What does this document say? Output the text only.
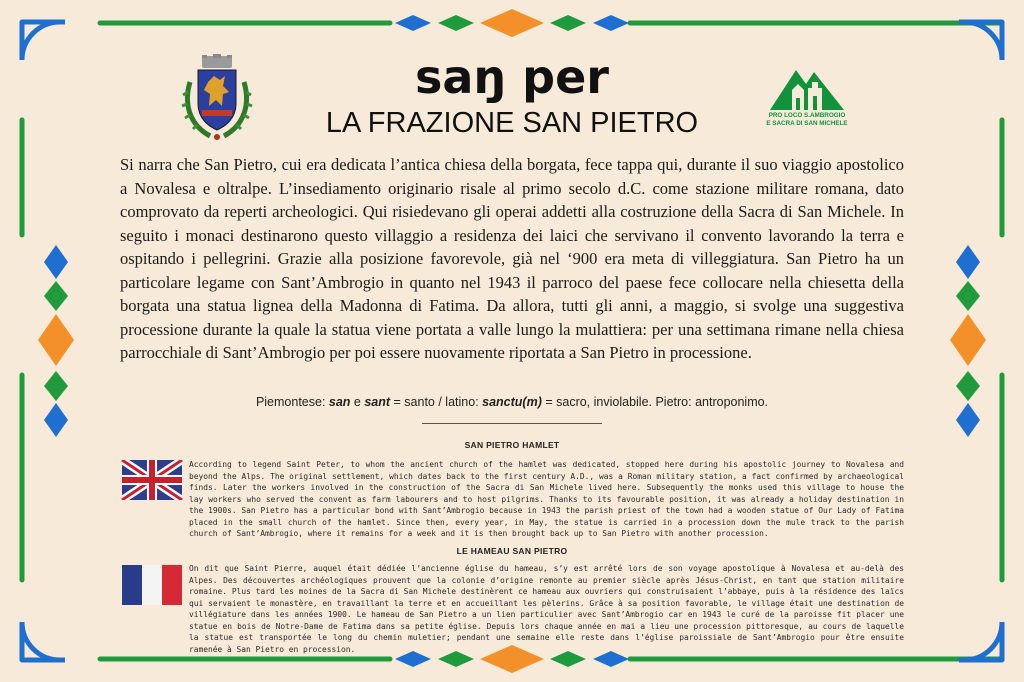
PRO LOCO S.AMBROGIO
E SACRA DI SAN MICHELE
saŋ per
LA FRAZIONE SAN PIETRO

Si narra che San Pietro, cui era dedicata l’antica chiesa della borgata, fece tappa qui, durante il suo viaggio apostolico a Novalesa e oltralpe. L’insediamento originario risale al primo secolo d.C. come stazione militare romana, dato comprovato da reperti archeologici. Qui risiedevano gli operai addetti alla costruzione della Sacra di San Michele. In seguito i monaci destinarono questo villaggio a residenza dei laici che servivano il convento lavorando la terra e ospitando i pellegrini. Grazie alla posizione favorevole, già nel ‘900 era meta di villeggiatura. San Pietro ha un particolare legame con Sant’Ambrogio in quanto nel 1943 il parroco del paese fece collocare nella chiesetta della borgata una statua lignea della Madonna di Fatima. Da allora, tutti gli anni, a maggio, si svolge una suggestiva processione durante la quale la statua viene portata a valle lungo la mulattiera: per una settimana rimane nella chiesa parrocchiale di Sant’Ambrogio per poi essere nuovamente riportata a San Pietro in processione.

Piemontese: san e sant = santo / latino: sanctu(m) = sacro, inviolabile. Pietro: antroponimo.
SAN PIETRO HAMLET

According to legend Saint Peter, to whom the ancient church of the hamlet was dedicated, stopped here during his apostolic journey to Novalesa and beyond the Alps. The original settlement, which dates back to the first century A.D., was a Roman military station, a fact confirmed by archaeological finds. Later the workers involved in the construction of the Sacra di San Michele lived here. Subsequently the monks used this village to house the lay workers who served the convent as farm labourers and to host pilgrims. Thanks to its favourable position, it was already a holiday destination in the 1900s. San Pietro has a particular bond with Sant’Ambrogio because in 1943 the parish priest of the town had a wooden statue of Our Lady of Fatima placed in the small church of the hamlet. Since then, every year, in May, the statue is carried in a procession down the mule track to the parish church of Sant’Ambrogio, where it remains for a week and it is then brought back up to San Pietro with another procession.

LE HAMEAU SAN PIETRO

On dit que Saint Pierre, auquel était dédiée l’ancienne église du hameau, s’y est arrêté lors de son voyage apostolique à Novalesa et au-delà des Alpes. Des découvertes archéologiques prouvent que la colonie d’origine remonte au premier siècle après Jésus-Christ, en tant que station militaire romaine. Plus tard les moines de la Sacra di San Michele destinèrent ce hameau aux ouvriers qui construisaient l’abbaye, puis à la résidence des laïcs qui servaient le monastère, en travaillant la terre et en accueillant les pèlerins. Grâce à sa position favorable, le village était une destination de villégiature dans les années 1900. Le hameau de San Pietro a un lien particulier avec Sant’Ambrogio car en 1943 le curé de la paroisse fit placer une statue en bois de Notre-Dame de Fatima dans sa petite église. Depuis lors chaque année en mai a lieu une procession pittoresque, au cours de laquelle la statue est transportée le long du chemin muletier; pendant une semaine elle reste dans l’église paroissiale de Sant’Ambrogio pour être ensuite ramenée à San Pietro en procession.
